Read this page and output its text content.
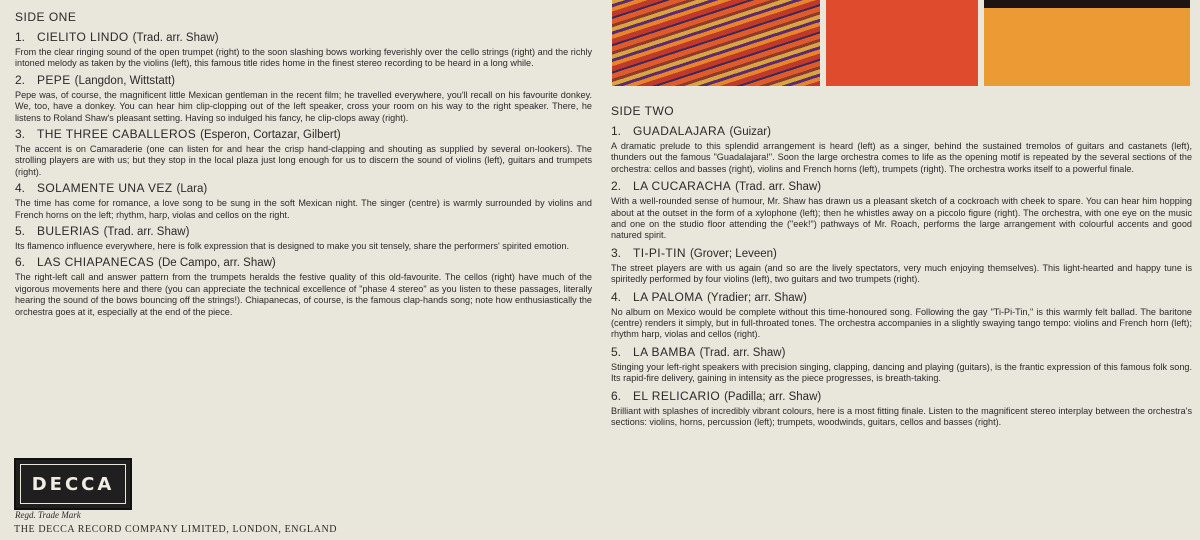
SIDE ONE
1. CIELITO LINDO (Trad. arr. Shaw)
From the clear ringing sound of the open trumpet (right) to the soon slashing bows working feverishly over the cello strings (right) and the richly intoned melody as taken by the violins (left), this famous title rides home in the finest stereo recording to be heard in a long while.
2. PEPE (Langdon, Wittstatt)
Pepe was, of course, the magnificent little Mexican gentleman in the recent film; he travelled everywhere, you'll recall on his favourite donkey. We, too, have a donkey. You can hear him clip-clopping out of the left speaker, cross your room on his way to the right speaker. There, he listens to Roland Shaw's pleasant setting. Having so indulged his fancy, he clip-clops away (right).
3. THE THREE CABALLEROS (Esperon, Cortazar, Gilbert)
The accent is on Camaraderie (one can listen for and hear the crisp hand-clapping and shouting as supplied by several on-lookers). The strolling players are with us; but they stop in the local plaza just long enough for us to discern the sound of violins (left), guitars and trumpets (right).
4. SOLAMENTE UNA VEZ (Lara)
The time has come for romance, a love song to be sung in the soft Mexican night. The singer (centre) is warmly surrounded by violins and French horns on the left; rhythm, harp, violas and cellos on the right.
5. BULERIAS (Trad. arr. Shaw)
Its flamenco influence everywhere, here is folk expression that is designed to make you sit tensely, share the performers' spirited emotion.
6. LAS CHIAPANECAS (De Campo, arr. Shaw)
The right-left call and answer pattern from the trumpets heralds the festive quality of this old-favourite. The cellos (right) have much of the vigorous movements here and there (you can appreciate the technical excellence of "phase 4 stereo" as you listen to these passages, literally hearing the sound of the bows bouncing off the strings!). Chiapanecas, of course, is the famous clap-hands song; note how enthusiastically the orchestra goes at it, especially at the end of the piece.
SIDE TWO
1. GUADALAJARA (Guizar)
A dramatic prelude to this splendid arrangement is heard (left) as a singer, behind the sustained tremolos of guitars and castanets (left), thunders out the famous "Guadalajara!". Soon the large orchestra comes to life as the opening motif is repeated by the several sections of the orchestra: cellos and basses (right), violins and French horns (left), trumpets (right). The orchestra works itself to a powerful finale.
2. LA CUCARACHA (Trad. arr. Shaw)
With a well-rounded sense of humour, Mr. Shaw has drawn us a pleasant sketch of a cockroach with cheek to spare. You can hear him hopping about at the outset in the form of a xylophone (left); then he whistles away on a piccolo figure (right). The orchestra, with one eye on the music and one on the studio floor attending the ("eek!") pathways of Mr. Roach, performs the large arrangement with colourful accents and good natured spirit.
3. TI-PI-TIN (Grover; Leveen)
The street players are with us again (and so are the lively spectators, very much enjoying themselves). This light-hearted and happy tune is spiritedly performed by four violins (left), two guitars and two trumpets (right).
4. LA PALOMA (Yradier; arr. Shaw)
No album on Mexico would be complete without this time-honoured song. Following the gay "Ti-Pi-Tin," is this warmly felt ballad. The baritone (centre) renders it simply, but in full-throated tones. The orchestra accompanies in a slightly swaying tango tempo: violins and French horn (left); rhythm harp, violas and cellos (right).
5. LA BAMBA (Trad. arr. Shaw)
Stinging your left-right speakers with precision singing, clapping, dancing and playing (guitars), is the frantic expression of this famous folk song. Its rapid-fire delivery, gaining in intensity as the piece progresses, is breath-taking.
6. EL RELICARIO (Padilla; arr. Shaw)
Brilliant with splashes of incredibly vibrant colours, here is a most fitting finale. Listen to the magnificent stereo interplay between the orchestra's sections: violins, horns, percussion (left); trumpets, woodwinds, guitars, cellos and basses (right).
DECCA
Regd. Trade Mark
THE DECCA RECORD COMPANY LIMITED, LONDON, ENGLAND
